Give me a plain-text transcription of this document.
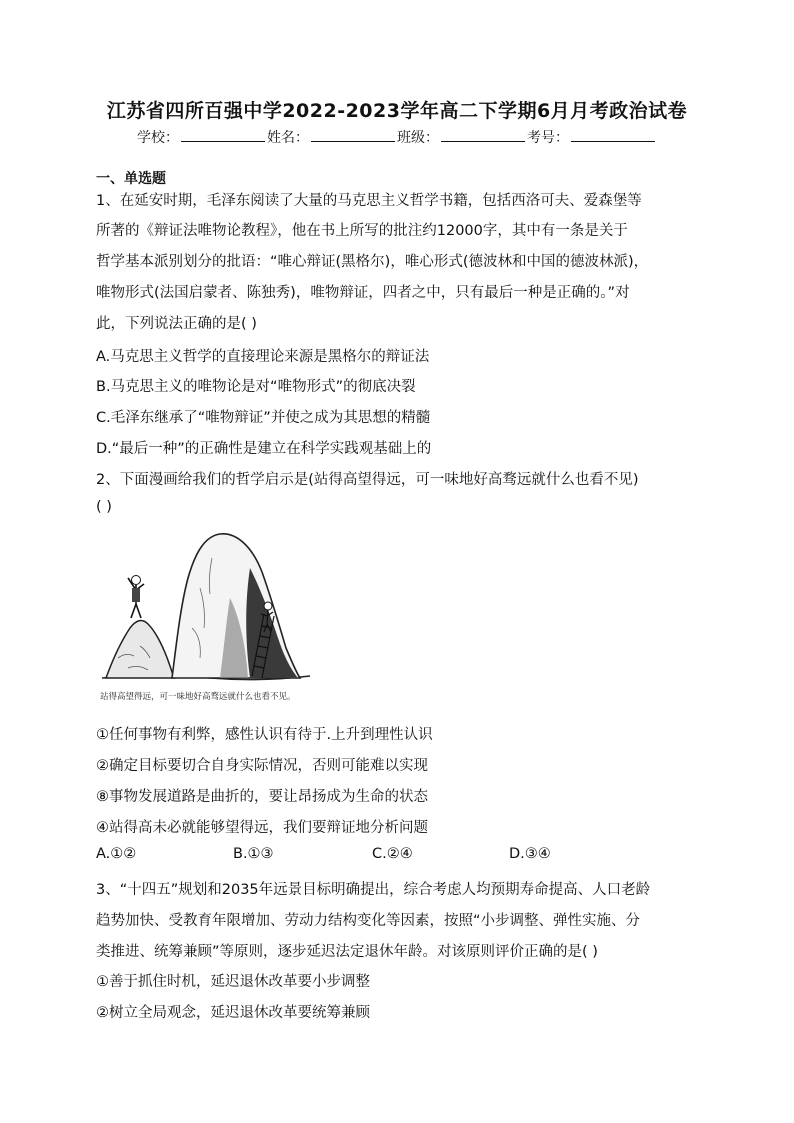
江苏省四所百强中学2022-2023学年高二下学期6月月考政治试卷
学校：	姓名：	班级：	考号：
一、单选题
1、在延安时期，毛泽东阅读了大量的马克思主义哲学书籍，包括西洛可夫、爱森堡等
所著的《辩证法唯物论教程》，他在书上所写的批注约12000字，其中有一条是关于
哲学基本派别划分的批语：“唯心辩证(黑格尔)，唯心形式(德波林和中国的德波林派)，
唯物形式(法国启蒙者、陈独秀)，唯物辩证，四者之中，只有最后一种是正确的。”对
此，下列说法正确的是( )
A.马克思主义哲学的直接理论来源是黑格尔的辩证法
B.马克思主义的唯物论是对“唯物形式”的彻底决裂
C.毛泽东继承了“唯物辩证”并使之成为其思想的精髓
D.“最后一种”的正确性是建立在科学实践观基础上的
2、下面漫画给我们的哲学启示是(站得高望得远，可一味地好高骛远就什么也看不见)
( )
站得高望得远，可一味地好高骛远就什么也看不见。
①任何事物有利弊，感性认识有待于.上升到理性认识
②确定目标要切合自身实际情况，否则可能难以实现
⑧事物发展道路是曲折的，要让昂扬成为生命的状态
④站得高未必就能够望得远，我们要辩证地分析问题
A.①②	B.①③	C.②④	D.③④
3、“十四五”规划和2035年远景目标明确提出，综合考虑人均预期寿命提高、人口老龄
趋势加快、受教育年限增加、劳动力结构变化等因素，按照“小步调整、弹性实施、分
类推进、统筹兼顾”等原则，逐步延迟法定退休年龄。对该原则评价正确的是( )
①善于抓住时机，延迟退休改革要小步调整
②树立全局观念，延迟退休改革要统筹兼顾
